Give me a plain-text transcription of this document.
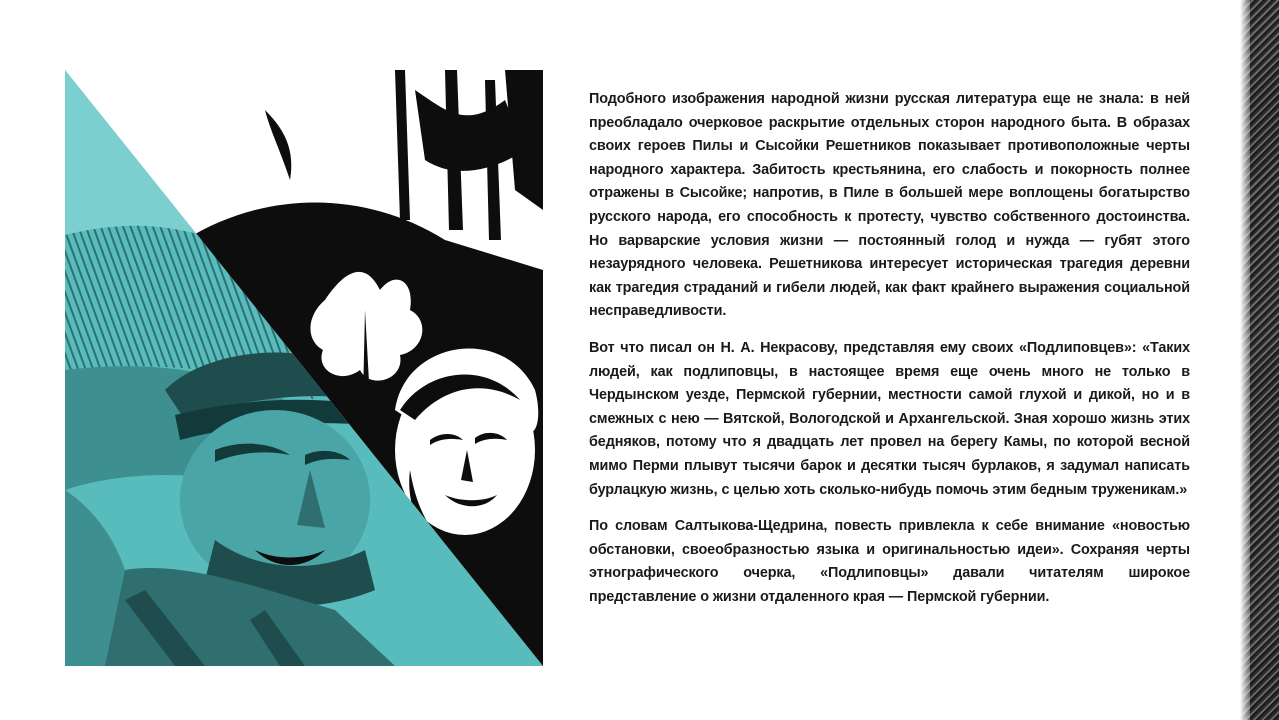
Подобного изображения народной жизни русская литература еще не знала: в ней преобладало очерковое раскрытие отдельных сторон народного быта. В образах своих героев Пилы и Сысойки Решетников показывает противоположные черты народного характера. Забитость крестьянина, его слабость и покорность полнее отражены в Сысойке; напротив, в Пиле в большей мере воплощены богатырство русского народа, его способность к протесту, чувство собственного достоинства. Но варварские условия жизни — постоянный голод и нужда — губят этого незаурядного человека. Решетникова интересует историческая трагедия деревни как трагедия страданий и гибели людей, как факт крайнего выражения социальной несправедливости.

Вот что писал он Н. А. Некрасову, представляя ему своих «Подлиповцев»: «Таких людей, как подлиповцы, в настоящее время еще очень много не только в Чердынском уезде, Пермской губернии, местности самой глухой и дикой, но и в смежных с нею — Вятской, Вологодской и Архангельской. Зная хорошо жизнь этих бедняков, потому что я двадцать лет провел на берегу Камы, по которой весной мимо Перми плывут тысячи барок и десятки тысяч бурлаков, я задумал написать бурлацкую жизнь, с целью хоть сколько-нибудь помочь этим бедным труженикам.»

По словам Салтыкова-Щедрина, повесть привлекла к себе внимание «новостью обстановки, своеобразностью языка и оригинальностью идеи». Сохраняя черты этнографического очерка, «Подлиповцы» давали читателям широкое представление о жизни отдаленного края — Пермской губернии.
